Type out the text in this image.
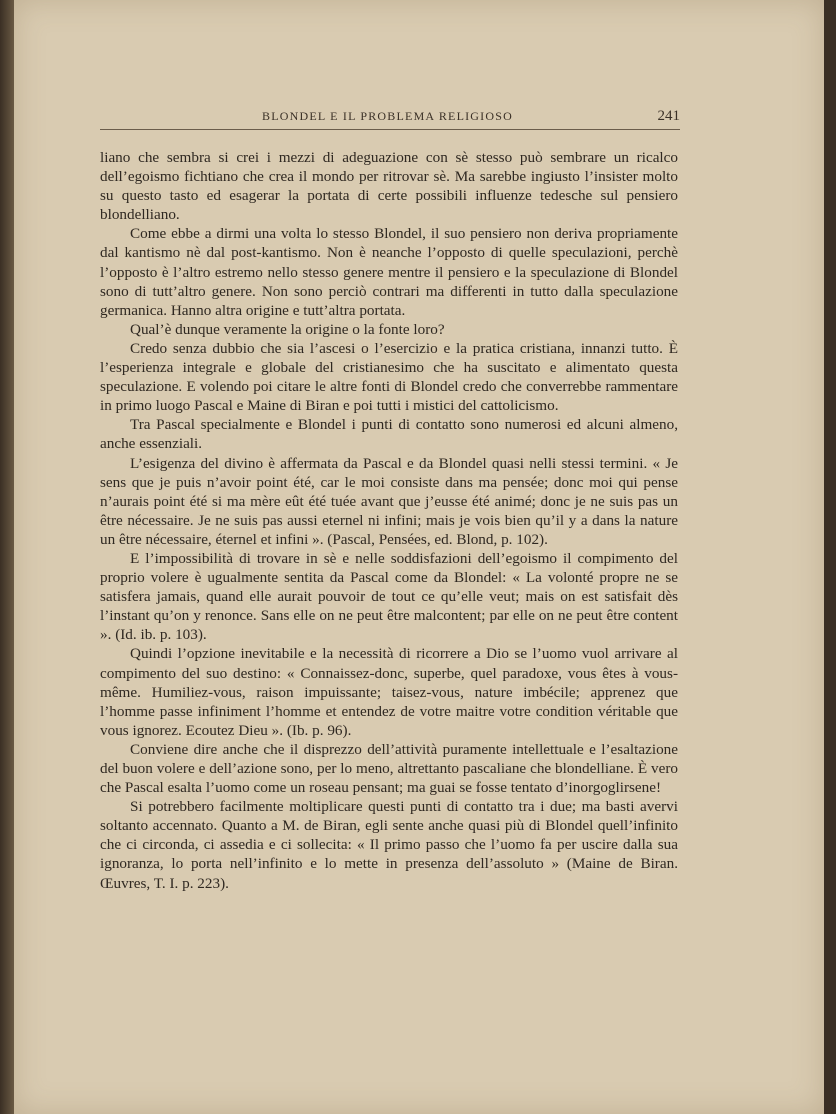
BLONDEL E IL PROBLEMA RELIGIOSO	241

liano che sembra si crei i mezzi di adeguazione con sè stesso può sembrare un ricalco dell’egoismo fichtiano che crea il mondo per ritrovar sè. Ma sarebbe ingiusto l’insister molto su questo tasto ed esagerar la portata di certe possibili influenze tedesche sul pensiero blondelliano.

Come ebbe a dirmi una volta lo stesso Blondel, il suo pensiero non deriva propriamente dal kantismo nè dal post-kantismo. Non è neanche l’opposto di quelle speculazioni, perchè l’opposto è l’altro estremo nello stesso genere mentre il pensiero e la speculazione di Blondel sono di tutt’altro genere. Non sono perciò contrari ma differenti in tutto dalla speculazione germanica. Hanno altra origine e tutt’altra portata.

Qual’è dunque veramente la origine o la fonte loro?

Credo senza dubbio che sia l’ascesi o l’esercizio e la pratica cristiana, innanzi tutto. È l’esperienza integrale e globale del cristianesimo che ha suscitato e alimentato questa speculazione. E volendo poi citare le altre fonti di Blondel credo che converrebbe rammentare in primo luogo Pascal e Maine di Biran e poi tutti i mistici del cattolicismo.

Tra Pascal specialmente e Blondel i punti di contatto sono numerosi ed alcuni almeno, anche essenziali.

L’esigenza del divino è affermata da Pascal e da Blondel quasi nelli stessi termini. « Je sens que je puis n’avoir point été, car le moi consiste dans ma pensée; donc moi qui pense n’aurais point été si ma mère eût été tuée avant que j’eusse été animé; donc je ne suis pas un être nécessaire. Je ne suis pas aussi eternel ni infini; mais je vois bien qu’il y a dans la nature un être nécessaire, éternel et infini ». (Pascal, Pensées, ed. Blond, p. 102).

E l’impossibilità di trovare in sè e nelle soddisfazioni dell’egoismo il compimento del proprio volere è ugualmente sentita da Pascal come da Blondel: « La volonté propre ne se satisfera jamais, quand elle aurait pouvoir de tout ce qu’elle veut; mais on est satisfait dès l’instant qu’on y renonce. Sans elle on ne peut être malcontent; par elle on ne peut être content ». (Id. ib. p. 103).

Quindi l’opzione inevitabile e la necessità di ricorrere a Dio se l’uomo vuol arrivare al compimento del suo destino: « Connaissez-donc, superbe, quel paradoxe, vous êtes à vous-même. Humiliez-vous, raison impuissante; taisez-vous, nature imbécile; apprenez que l’homme passe infiniment l’homme et entendez de votre maitre votre condition véritable que vous ignorez. Ecoutez Dieu ». (Ib. p. 96).

Conviene dire anche che il disprezzo dell’attività puramente intellettuale e l’esaltazione del buon volere e dell’azione sono, per lo meno, altrettanto pascaliane che blondelliane. È vero che Pascal esalta l’uomo come un roseau pensant; ma guai se fosse tentato d’inorgoglirsene!

Si potrebbero facilmente moltiplicare questi punti di contatto tra i due; ma basti avervi soltanto accennato. Quanto a M. de Biran, egli sente anche quasi più di Blondel quell’infinito che ci circonda, ci assedia e ci sollecita: « Il primo passo che l’uomo fa per uscire dalla sua ignoranza, lo porta nell’infinito e lo mette in presenza dell’assoluto » (Maine de Biran. Œuvres, T. I. p. 223).
